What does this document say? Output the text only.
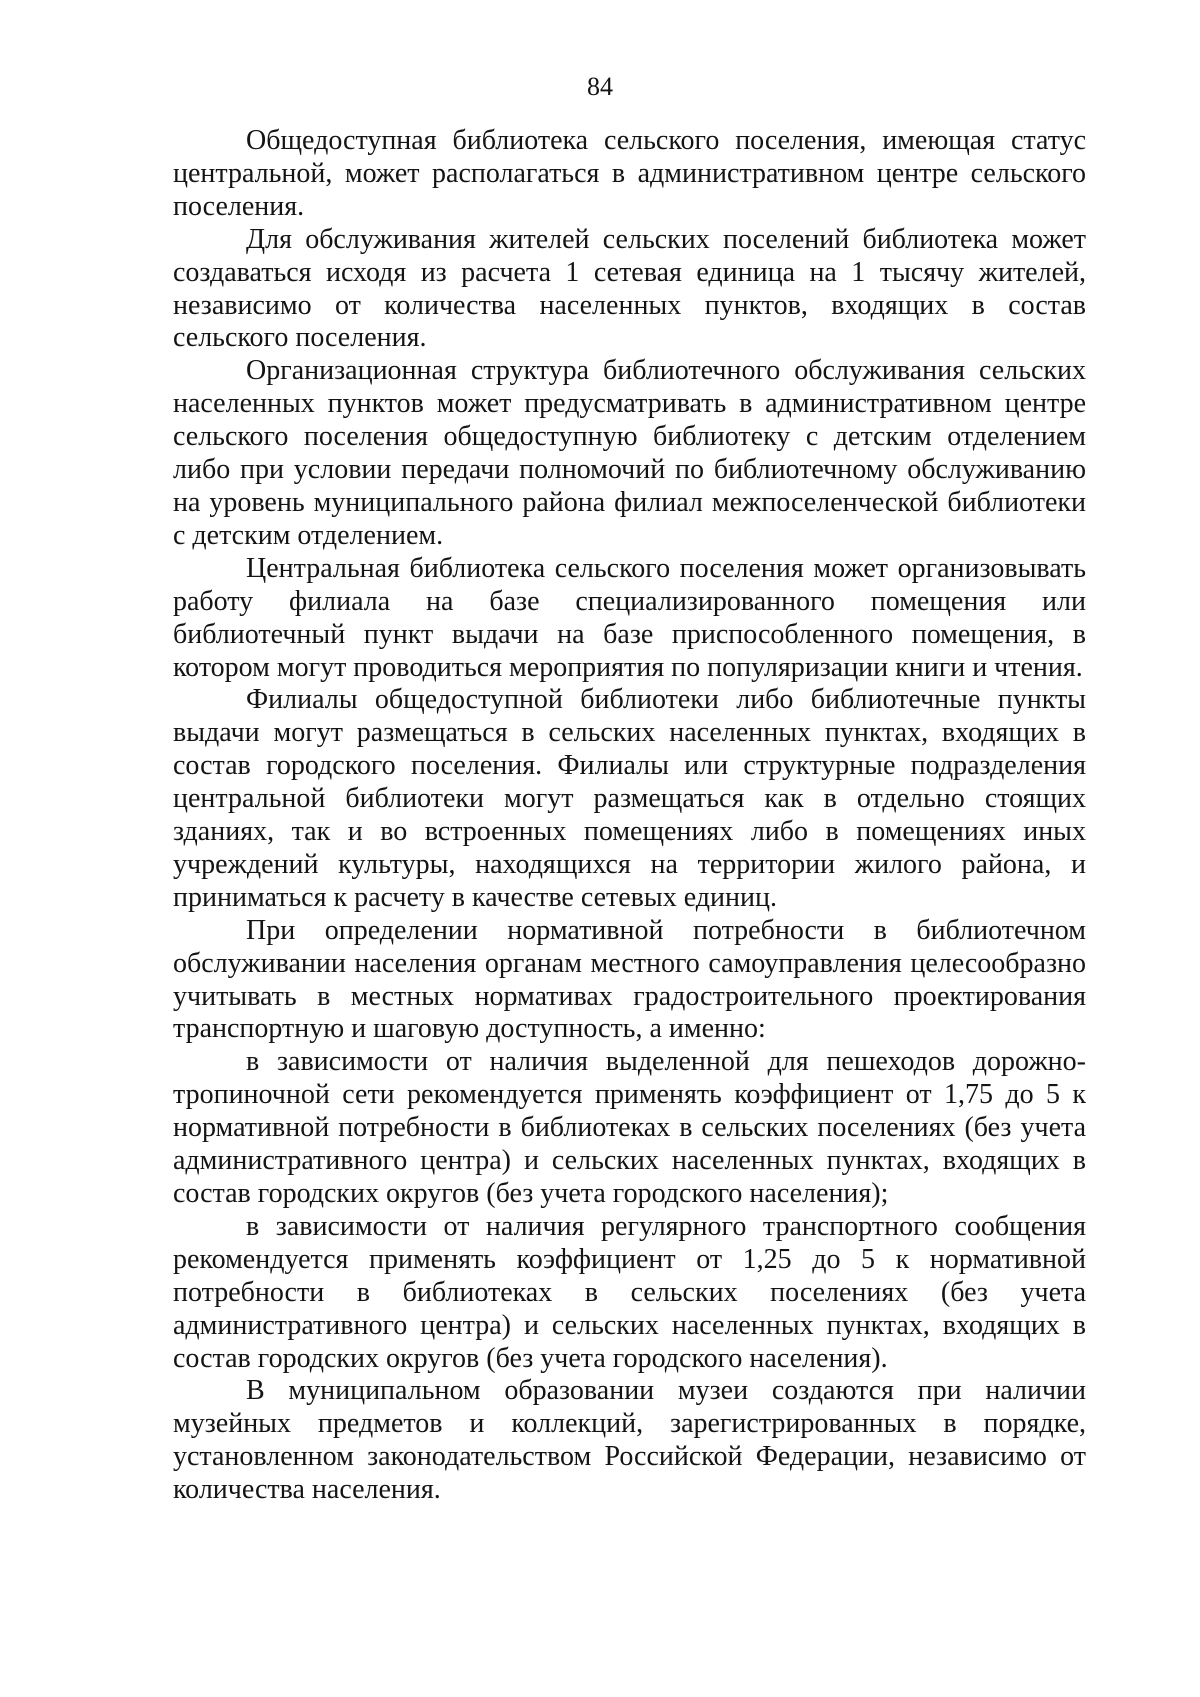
84

Общедоступная библиотека сельского поселения, имеющая статус центральной, может располагаться в административном центре сельского поселения.

Для обслуживания жителей сельских поселений библиотека может создаваться исходя из расчета 1 сетевая единица на 1 тысячу жителей, независимо от количества населенных пунктов, входящих в состав сельского поселения.

Организационная структура библиотечного обслуживания сельских населенных пунктов может предусматривать в административном центре сельского поселения общедоступную библиотеку с детским отделением либо при условии передачи полномочий по библиотечному обслуживанию на уровень муниципального района филиал межпоселенческой библиотеки с детским отделением.

Центральная библиотека сельского поселения может организовывать работу филиала на базе специализированного помещения или библиотечный пункт выдачи на базе приспособленного помещения, в котором могут проводиться мероприятия по популяризации книги и чтения.

Филиалы общедоступной библиотеки либо библиотечные пункты выдачи могут размещаться в сельских населенных пунктах, входящих в состав городского поселения. Филиалы или структурные подразделения центральной библиотеки могут размещаться как в отдельно стоящих зданиях, так и во встроенных помещениях либо в помещениях иных учреждений культуры, находящихся на территории жилого района, и приниматься к расчету в качестве сетевых единиц.

При определении нормативной потребности в библиотечном обслуживании населения органам местного самоуправления целесообразно учитывать в местных нормативах градостроительного проектирования транспортную и шаговую доступность, а именно:

в зависимости от наличия выделенной для пешеходов дорожно-тропиночной сети рекомендуется применять коэффициент от 1,75 до 5 к нормативной потребности в библиотеках в сельских поселениях (без учета административного центра) и сельских населенных пунктах, входящих в состав городских округов (без учета городского населения);

в зависимости от наличия регулярного транспортного сообщения рекомендуется применять коэффициент от 1,25 до 5 к нормативной потребности в библиотеках в сельских поселениях (без учета административного центра) и сельских населенных пунктах, входящих в состав городских округов (без учета городского населения).

В муниципальном образовании музеи создаются при наличии музейных предметов и коллекций, зарегистрированных в порядке, установленном законодательством Российской Федерации, независимо от количества населения.
